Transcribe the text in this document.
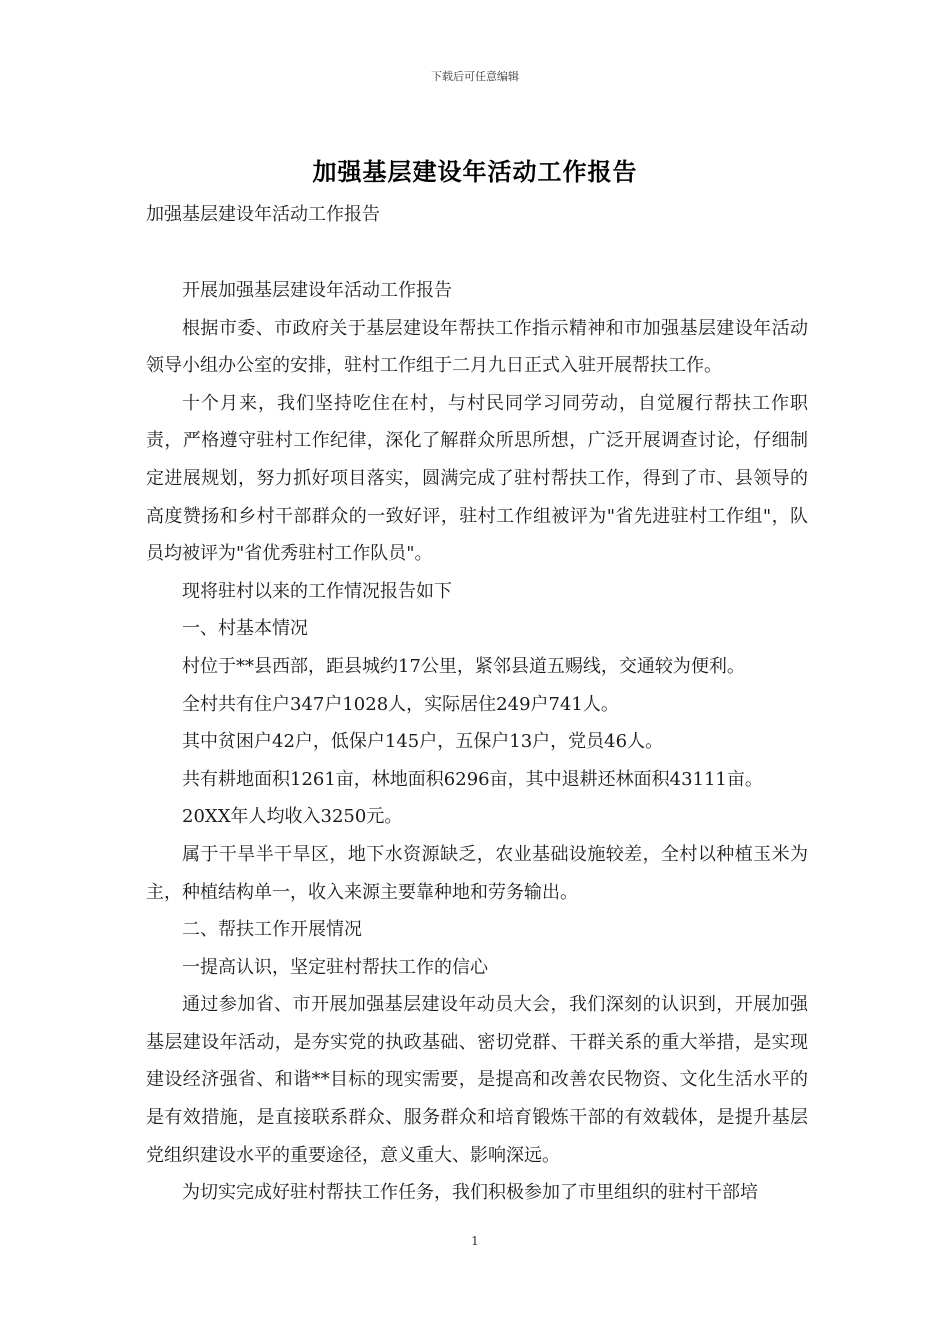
下载后可任意编辑
加强基层建设年活动工作报告
加强基层建设年活动工作报告

开展加强基层建设年活动工作报告

根据市委、市政府关于基层建设年帮扶工作指示精神和市加强基层建设年活动领导小组办公室的安排，驻村工作组于二月九日正式入驻开展帮扶工作。

十个月来，我们坚持吃住在村，与村民同学习同劳动，自觉履行帮扶工作职责，严格遵守驻村工作纪律，深化了解群众所思所想，广泛开展调查讨论，仔细制定进展规划，努力抓好项目落实，圆满完成了驻村帮扶工作，得到了市、县领导的高度赞扬和乡村干部群众的一致好评，驻村工作组被评为"省先进驻村工作组"，队员均被评为"省优秀驻村工作队员"。

现将驻村以来的工作情况报告如下

一、村基本情况

村位于**县西部，距县城约17公里，紧邻县道五赐线，交通较为便利。

全村共有住户347户1028人，实际居住249户741人。

其中贫困户42户，低保户145户，五保户13户，党员46人。

共有耕地面积1261亩，林地面积6296亩，其中退耕还林面积43111亩。

20XX年人均收入3250元。

属于干旱半干旱区，地下水资源缺乏，农业基础设施较差，全村以种植玉米为主，种植结构单一，收入来源主要靠种地和劳务输出。

二、帮扶工作开展情况

一提高认识，坚定驻村帮扶工作的信心

通过参加省、市开展加强基层建设年动员大会，我们深刻的认识到，开展加强基层建设年活动，是夯实党的执政基础、密切党群、干群关系的重大举措，是实现建设经济强省、和谐**目标的现实需要，是提高和改善农民物资、文化生活水平的是有效措施，是直接联系群众、服务群众和培育锻炼干部的有效载体，是提升基层党组织建设水平的重要途径，意义重大、影响深远。

为切实完成好驻村帮扶工作任务，我们积极参加了市里组织的驻村干部培

1
